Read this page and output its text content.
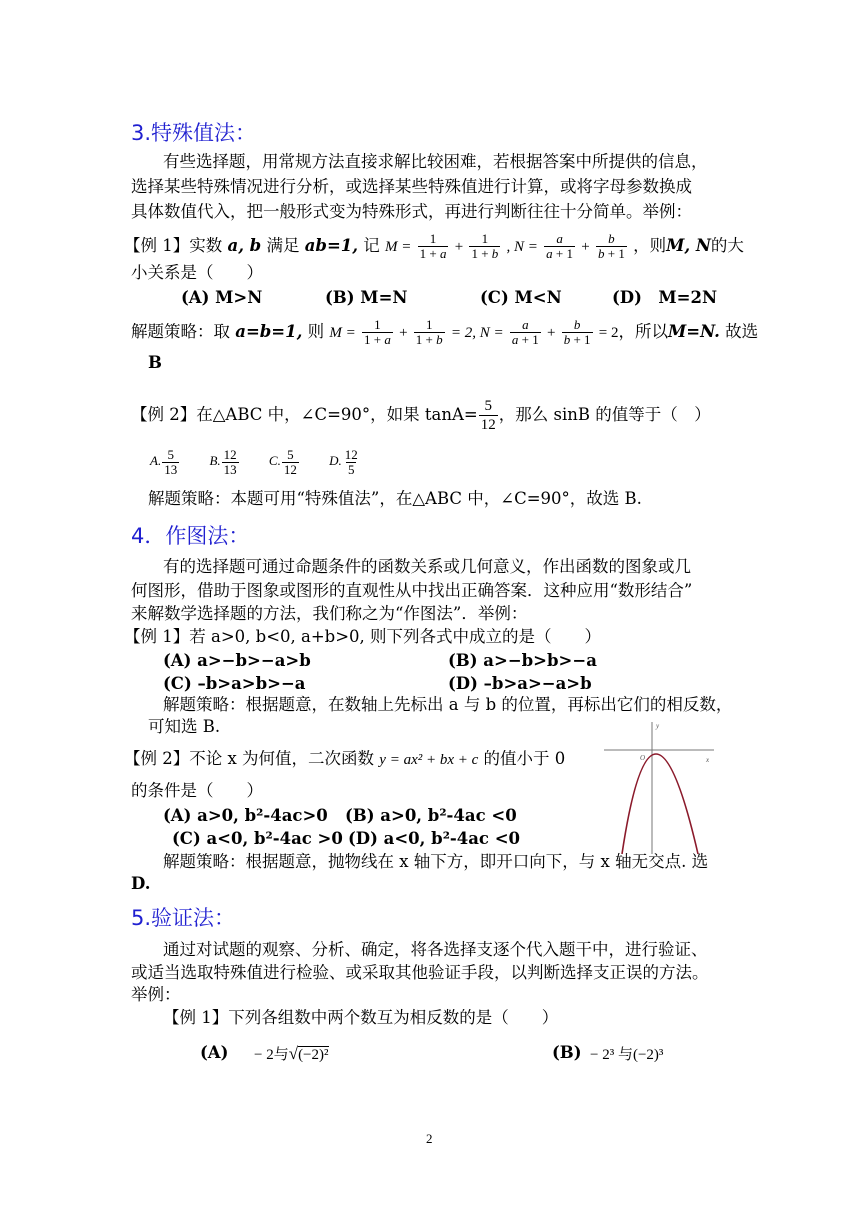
3.特殊值法：
有些选择题，用常规方法直接求解比较困难，若根据答案中所提供的信息，
选择某些特殊情况进行分析，或选择某些特殊值进行计算，或将字母参数换成
具体数值代入，把一般形式变为特殊形式，再进行判断往往十分简单。举例：
【例 1】实数 a, b 满足 ab=1, 记 $M = \frac{1}{1 + a} + \frac{1}{1 + b}$ , $N = \frac{a}{a + 1} + \frac{b}{b + 1}$ ，则M, N的大
小关系是（　　）
(A) M>N	(B) M=N	(C) M<N	(D)　M=2N
解题策略：取 a=b=1, 则 $M = \frac{1}{1 + a} + \frac{1}{1 + b} = 2$, $N = \frac{a}{a + 1} + \frac{b}{b + 1} = 2$，所以M=N. 故选
B
【例 2】在△ABC 中，∠C=90°，如果 $\tan A= \frac{5}{12}$ ，那么 sinB 的值等于（　）
A. $\frac{5}{13} B$. $\frac{12}{13} C$. $\frac{5}{12} D$. $\frac{12}{5}$
解题策略：本题可用“特殊值法”，在△ABC 中，∠C=90°，故选 B.
4．作图法：
有的选择题可通过命题条件的函数关系或几何意义，作出函数的图象或几
何图形，借助于图象或图形的直观性从中找出正确答案．这种应用“数形结合”
来解数学选择题的方法，我们称之为“作图法”．举例：
【例 1】若 a>0, b<0, a+b>0, 则下列各式中成立的是（　　）
(A) a>−b>−a>b	(B) a>−b>b>−a
(C) –b>a>b>−a	(D) –b>a>−a>b
解题策略：根据题意，在数轴上先标出 a 与 b 的位置，再标出它们的相反数，
可知选 B.
【例 2】不论 x 为何值，二次函数 y = ax² + bx + c 的值小于 0
的条件是（　　）
(A) a>0, b²-4ac>0 (B) a>0, b²-4ac <0
(C) a<0, b²-4ac >0 (D) a<0, b²-4ac <0
解题策略：根据题意，抛物线在 x 轴下方，即开口向下，与 x 轴无交点. 选
D.
y
O	x
5.验证法：
通过对试题的观察、分析、确定，将各选择支逐个代入题干中，进行验证、
或适当选取特殊值进行检验、或采取其他验证手段，以判断选择支正误的方法。
举例：
【例 1】下列各组数中两个数互为相反数的是（　　）
(A) − 2与√(−2)²	(B) − 2³ 与(−2)³
2
